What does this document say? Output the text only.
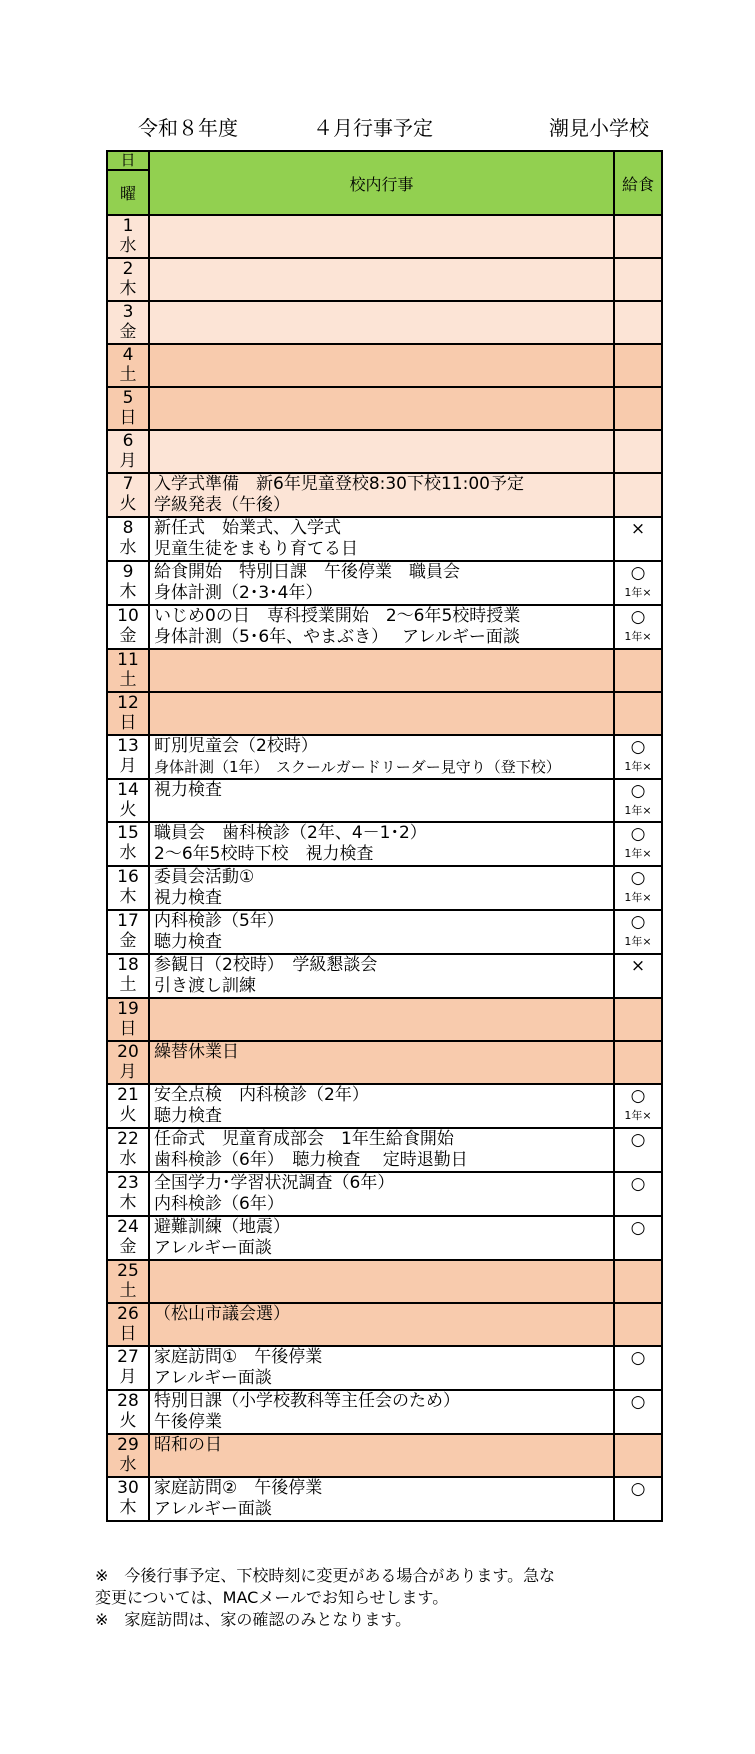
令和８年度	４月行事予定	潮見小学校
日	校内行事	給食
曜		

1
水		

2
木		

3
金		

4
土		

5
日		

6
月		

7
火	入学式準備　新6年児童登校8:30下校11:00予定
学級発表（午後）	

8
水	新任式　始業式、入学式
児童生徒をまもり育てる日	×

9
木	給食開始　特別日課　午後停業　職員会
身体計測（2･3･4年）	○
1年×

10
金	いじめ0の日　専科授業開始　2～6年5校時授業
身体計測（5･6年、やまぶき）　 アレルギー面談	○
1年×

11
土		

12
日		

13
月	町別児童会（2校時）
身体計測（1年）　スクールガードリーダー見守り（登下校）	○
1年×

14
火	視力検査	○
1年×

15
水	職員会　歯科検診（2年、4－1･2）
2～6年5校時下校　視力検査	○
1年×

16
木	委員会活動①
視力検査	○
1年×

17
金	内科検診（5年）
聴力検査	○
1年×

18
土	参観日（2校時）　学級懇談会
引き渡し訓練	×

19
日		

20
月	繰替休業日	

21
火	安全点検　内科検診（2年）
聴力検査	○
1年×

22
水	任命式　児童育成部会　1年生給食開始
歯科検診（6年）　聴力検査　 定時退勤日	○

23
木	全国学力･学習状況調査（6年）
内科検診（6年）	○

24
金	避難訓練（地震）
アレルギー面談	○

25
土		

26
日	（松山市議会選）	

27
月	家庭訪問①　午後停業
アレルギー面談	○

28
火	特別日課（小学校教科等主任会のため）
午後停業	○

29
水	昭和の日	

30
木	家庭訪問②　午後停業
アレルギー面談	○
※　今後行事予定、下校時刻に変更がある場合があります。急な
変更については、MACメールでお知らせします。
※　家庭訪問は、家の確認のみとなります。
